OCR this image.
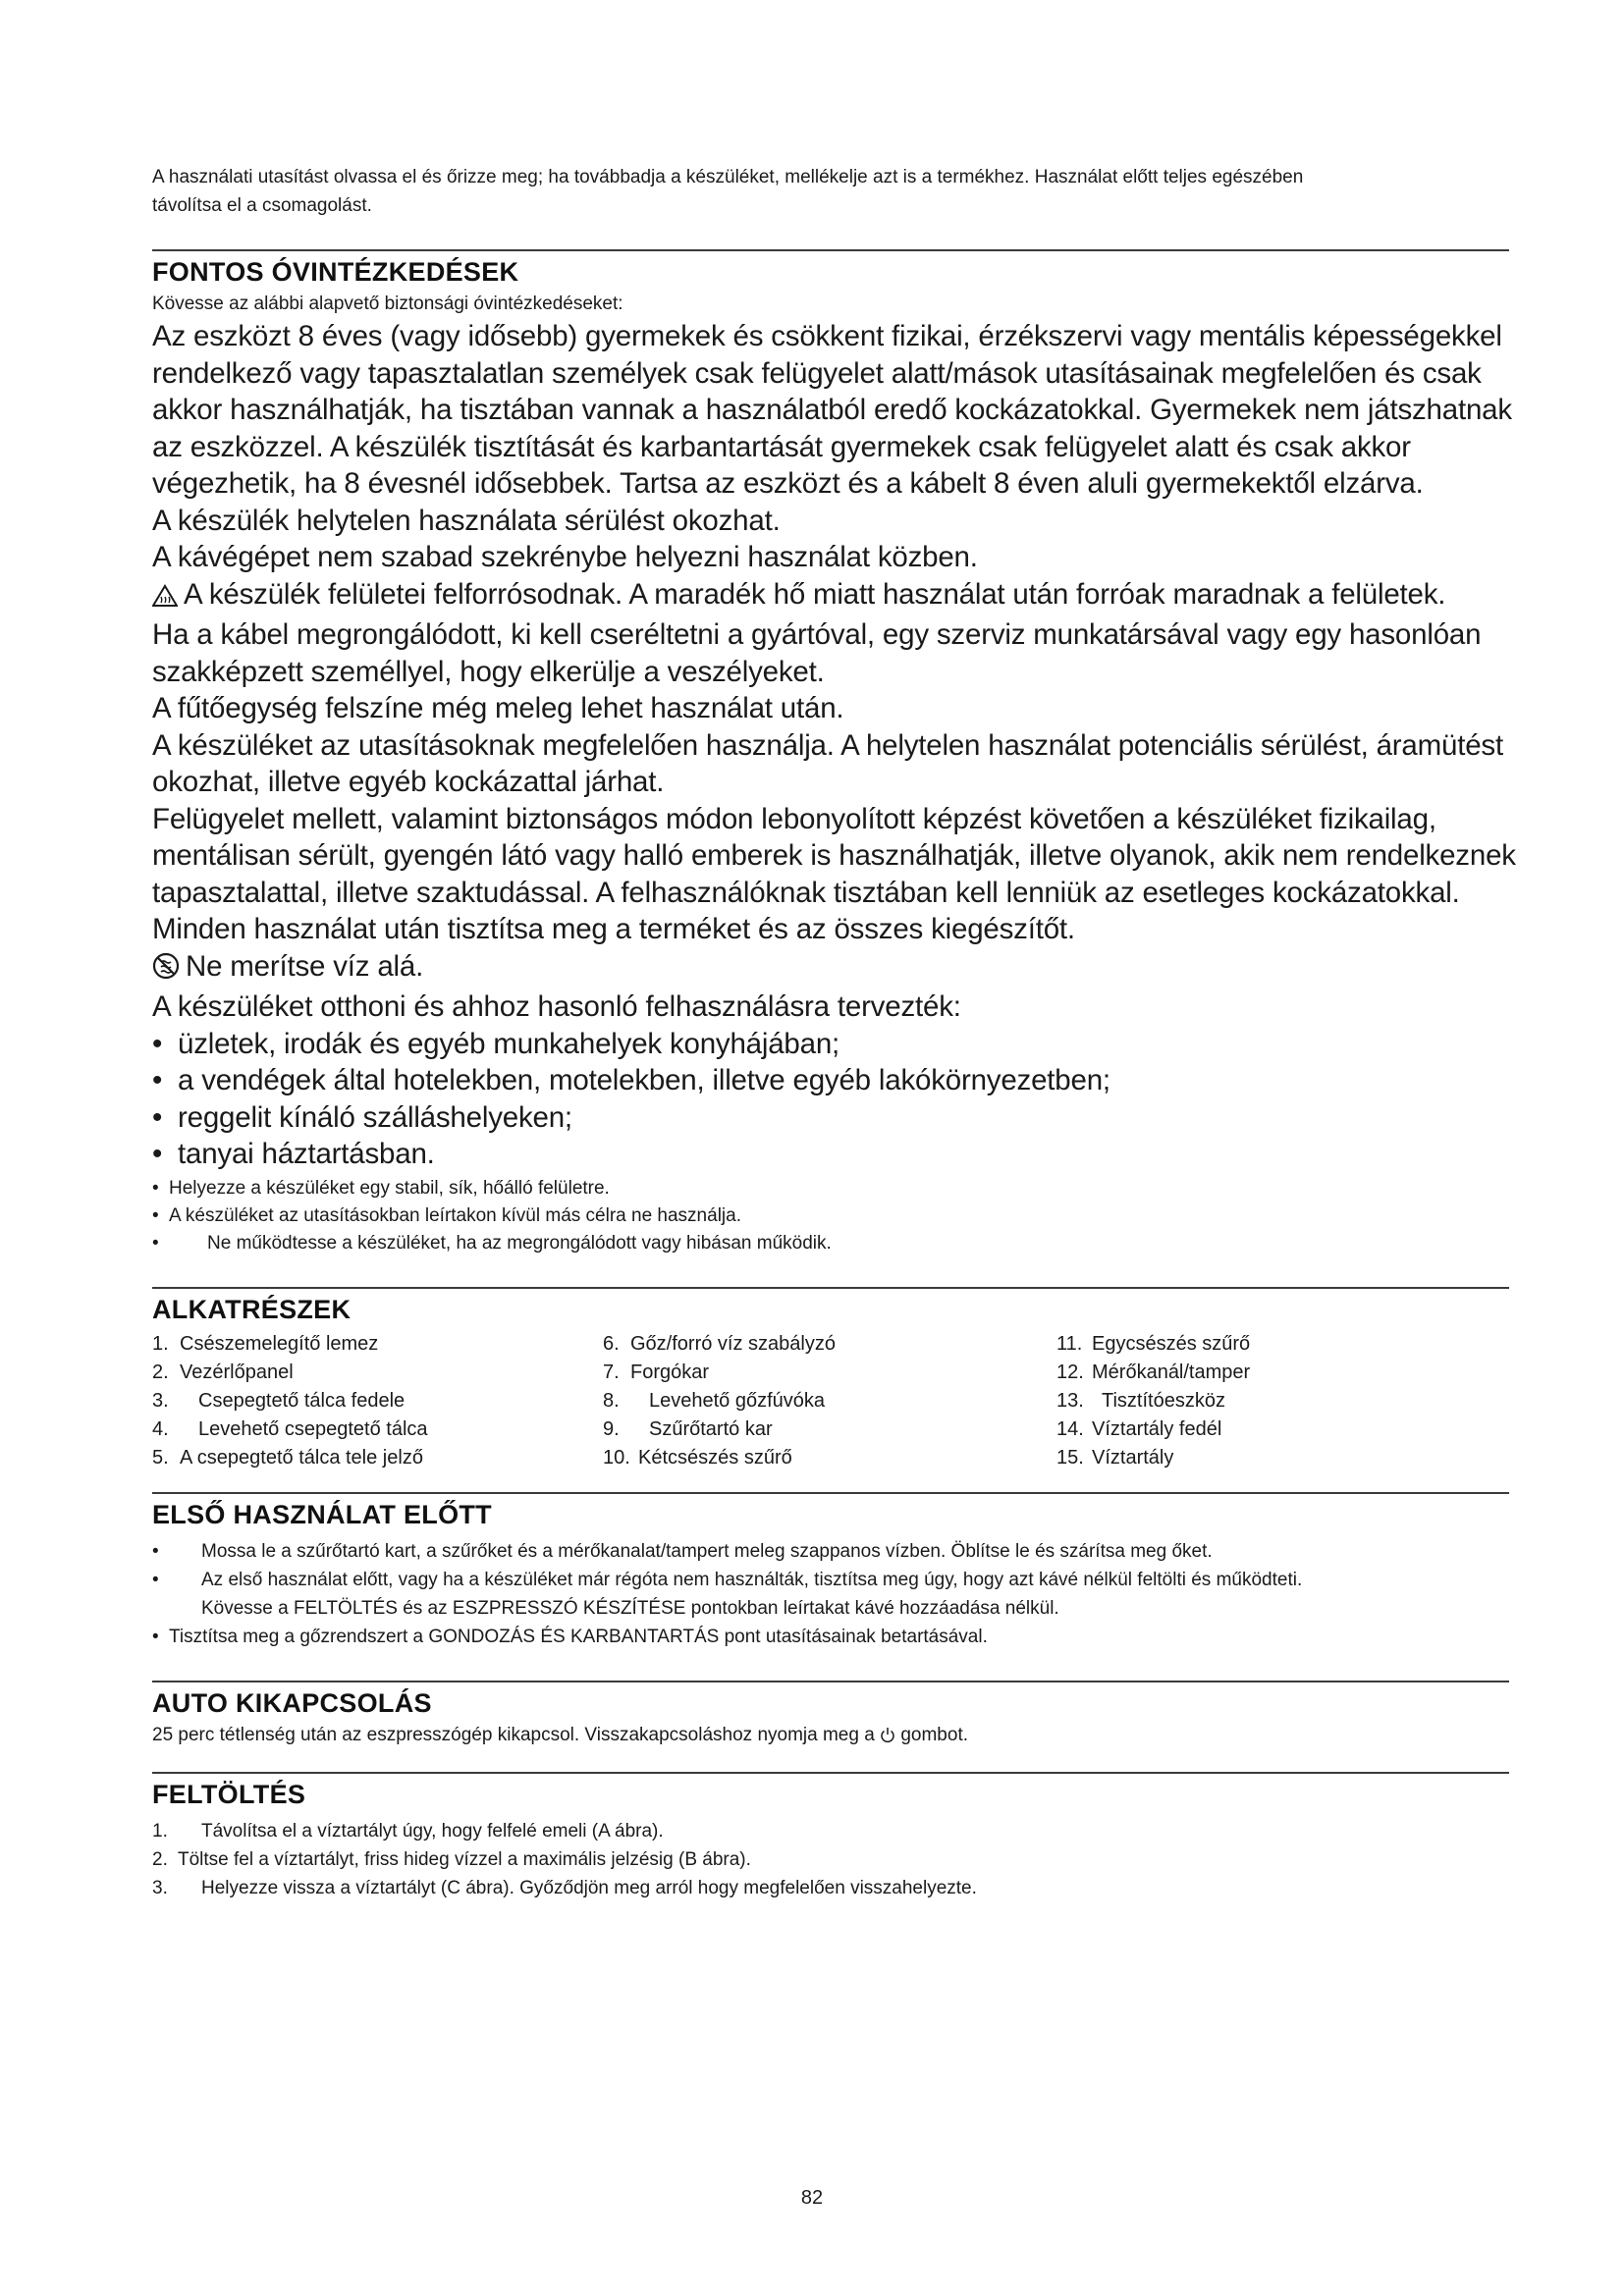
A használati utasítást olvassa el és őrizze meg; ha továbbadja a készüléket, mellékelje azt is a termékhez. Használat előtt teljes egészében
távolítsa el a csomagolást.
FONTOS ÓVINTÉZKEDÉSEK
Kövesse az alábbi alapvető biztonsági óvintézkedéseket:
Az eszközt 8 éves (vagy idősebb) gyermekek és csökkent fizikai, érzékszervi vagy mentális képességekkel
rendelkező vagy tapasztalatlan személyek csak felügyelet alatt/mások utasításainak megfelelően és csak
akkor használhatják, ha tisztában vannak a használatból eredő kockázatokkal. Gyermekek nem játszhatnak
az eszközzel. A készülék tisztítását és karbantartását gyermekek csak felügyelet alatt és csak akkor
végezhetik, ha 8 évesnél idősebbek. Tartsa az eszközt és a kábelt 8 éven aluli gyermekektől elzárva.
A készülék helytelen használata sérülést okozhat.
A kávégépet nem szabad szekrénybe helyezni használat közben.
A készülék felületei felforrósodnak. A maradék hő miatt használat után forróak maradnak a felületek.
Ha a kábel megrongálódott, ki kell cseréltetni a gyártóval, egy szerviz munkatársával vagy egy hasonlóan
szakképzett személlyel, hogy elkerülje a veszélyeket.
A fűtőegység felszíne még meleg lehet használat után.
A készüléket az utasításoknak megfelelően használja. A helytelen használat potenciális sérülést, áramütést
okozhat, illetve egyéb kockázattal járhat.
Felügyelet mellett, valamint biztonságos módon lebonyolított képzést követően a készüléket fizikailag,
mentálisan sérült, gyengén látó vagy halló emberek is használhatják, illetve olyanok, akik nem rendelkeznek
tapasztalattal, illetve szaktudással. A felhasználóknak tisztában kell lenniük az esetleges kockázatokkal.
Minden használat után tisztítsa meg a terméket és az összes kiegészítőt.
Ne merítse víz alá.
A készüléket otthoni és ahhoz hasonló felhasználásra tervezték:
• üzletek, irodák és egyéb munkahelyek konyhájában;
• a vendégek által hotelekben, motelekben, illetve egyéb lakókörnyezetben;
• reggelit kínáló szálláshelyeken;
• tanyai háztartásban.
• Helyezze a készüléket egy stabil, sík, hőálló felületre.
• A készüléket az utasításokban leírtakon kívül más célra ne használja.
•	Ne működtesse a készüléket, ha az megrongálódott vagy hibásan működik.
ALKATRÉSZEK
1. Csészemelegítő lemez
2. Vezérlőpanel
3.	Csepegtető tálca fedele
4.	Levehető csepegtető tálca
5. A csepegtető tálca tele jelző
6. Gőz/forró víz szabályzó
7. Forgókar
8.	Levehető gőzfúvóka
9.	Szűrőtartó kar
10. Kétcsészés szűrő
11. Egycsészés szűrő
12. Mérőkanál/tamper
13. Tisztítóeszköz
14. Víztartály fedél
15. Víztartály
ELSŐ HASZNÁLAT ELŐTT
•	Mossa le a szűrőtartó kart, a szűrőket és a mérőkanalat/tampert meleg szappanos vízben. Öblítse le és szárítsa meg őket.
•	Az első használat előtt, vagy ha a készüléket már régóta nem használták, tisztítsa meg úgy, hogy azt kávé nélkül feltölti és működteti.
Kövesse a FELTÖLTÉS és az ESZPRESSZÓ KÉSZÍTÉSE pontokban leírtakat kávé hozzáadása nélkül.
• Tisztítsa meg a gőzrendszert a GONDOZÁS ÉS KARBANTARTÁS pont utasításainak betartásával.
AUTO KIKAPCSOLÁS
25 perc tétlenség után az eszpresszógép kikapcsol. Visszakapcsoláshoz nyomja meg a gombot.
FELTÖLTÉS
1.	Távolítsa el a víztartályt úgy, hogy felfelé emeli (A ábra).
2. Töltse fel a víztartályt, friss hideg vízzel a maximális jelzésig (B ábra).
3.	Helyezze vissza a víztartályt (C ábra). Győződjön meg arról hogy megfelelően visszahelyezte.
82
